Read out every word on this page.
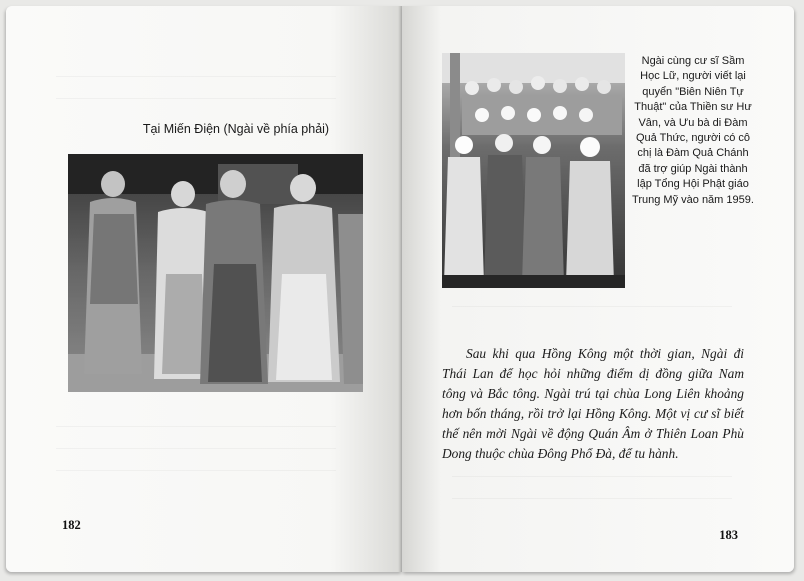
Tại Miến Điện (Ngài về phía phải)
182
Ngài cùng cư sĩ Sầm Học Lữ, người viết lại quyển "Biên Niên Tự Thuật" của Thiền sư Hư Vân, và Ưu bà di Đàm Quả Thức, người có cô chị là Đàm Quả Chánh đã trợ giúp Ngài thành lập Tổng Hội Phật giáo Trung Mỹ vào năm 1959.
Sau khi qua Hồng Kông một thời gian, Ngài đi Thái Lan để học hỏi những điểm dị đồng giữa Nam tông và Bắc tông. Ngài trú tại chùa Long Liên khoảng hơn bốn tháng, rồi trở lại Hồng Kông. Một vị cư sĩ biết thế nên mời Ngài về động Quán Âm ở Thiên Loan Phù Dong thuộc chùa Đông Phổ Đà, để tu hành.
183
